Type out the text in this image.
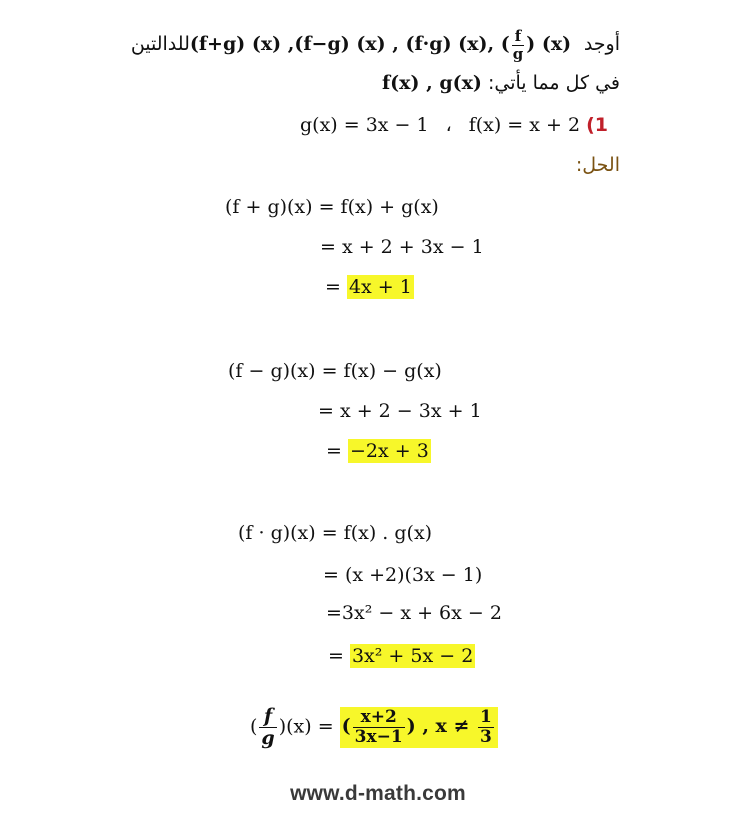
أوجد (f+g) (x) ,(f−g) (x) , (f·g) (x), ( $\frac{f}{g}$ ) (x) للدالتين
في كل مما يأتي: f(x) , g(x)
g(x) = 3x − 1 ، f(x) = x + 2 (1
الحل:
(f + g)(x) = f(x) + g(x)
= x + 2 + 3x − 1
= 4x + 1
(f − g)(x) = f(x) − g(x)
= x + 2 − 3x + 1
= −2x + 3
(f · g)(x) = f(x) . g(x)
= (x +2)(3x − 1)
=3x² − x + 6x − 2
= 3x² + 5x − 2
( $\frac{f}{g} )(x)$ = ( $\frac{x+2}{3x-1}$ ) , $x \ne \frac{1}{3}$
www.d-math.com
